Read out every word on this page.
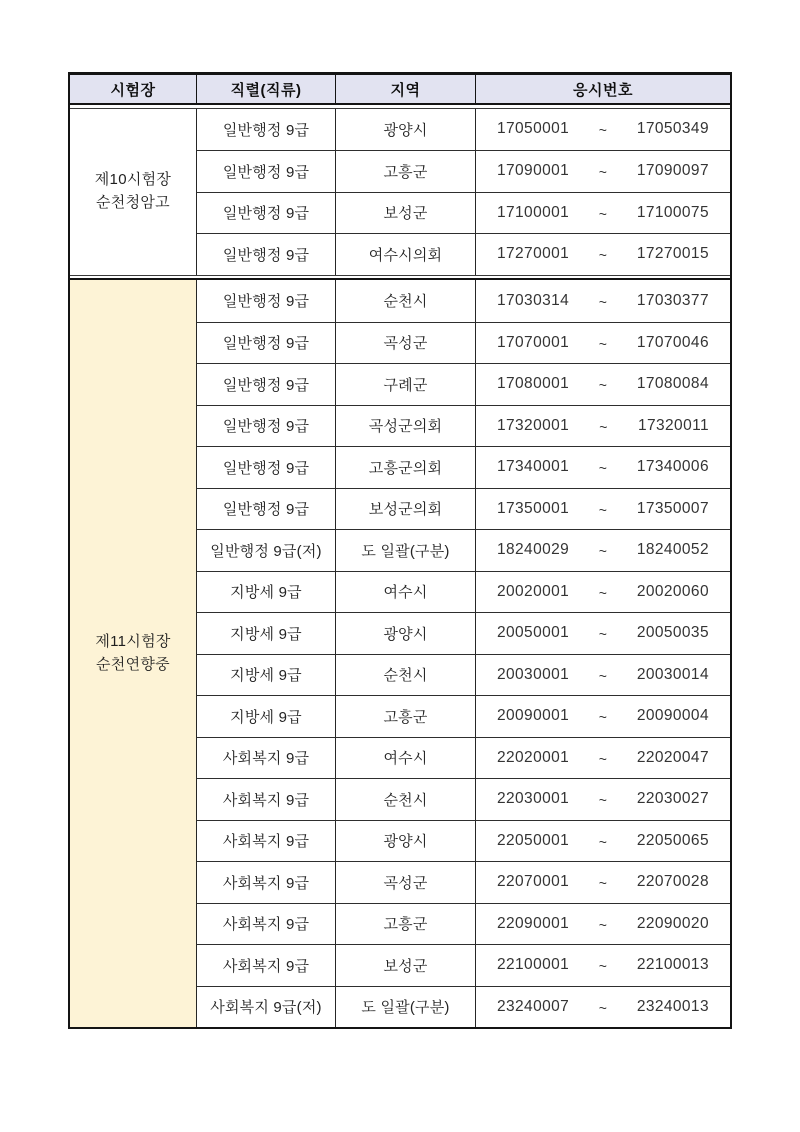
시험장	직렬(직류)	지역	응시번호
제10시험장
순천청암고
일반행정 9급	광양시	17050001 ~ 17050349
일반행정 9급	고흥군	17090001 ~ 17090097
일반행정 9급	보성군	17100001 ~ 17100075
일반행정 9급	여수시의회	17270001 ~ 17270015
제11시험장
순천연향중
일반행정 9급	순천시	17030314 ~ 17030377
일반행정 9급	곡성군	17070001 ~ 17070046
일반행정 9급	구례군	17080001 ~ 17080084
일반행정 9급	곡성군의회	17320001 ~ 17320011
일반행정 9급	고흥군의회	17340001 ~ 17340006
일반행정 9급	보성군의회	17350001 ~ 17350007
일반행정 9급(저)	도 일괄(구분)	18240029 ~ 18240052
지방세 9급	여수시	20020001 ~ 20020060
지방세 9급	광양시	20050001 ~ 20050035
지방세 9급	순천시	20030001 ~ 20030014
지방세 9급	고흥군	20090001 ~ 20090004
사회복지 9급	여수시	22020001 ~ 22020047
사회복지 9급	순천시	22030001 ~ 22030027
사회복지 9급	광양시	22050001 ~ 22050065
사회복지 9급	곡성군	22070001 ~ 22070028
사회복지 9급	고흥군	22090001 ~ 22090020
사회복지 9급	보성군	22100001 ~ 22100013
사회복지 9급(저)	도 일괄(구분)	23240007 ~ 23240013
